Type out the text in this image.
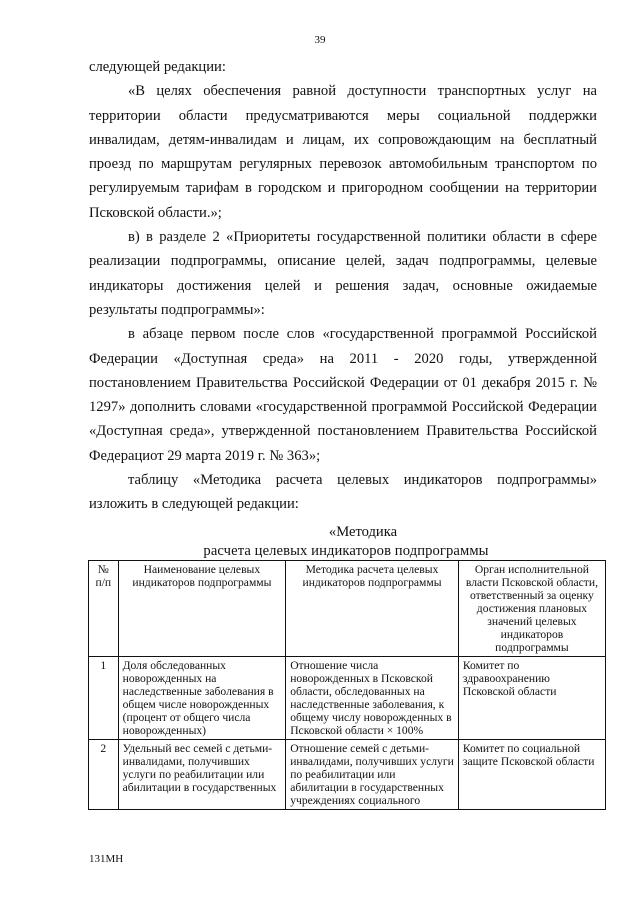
39

следующей редакции:

«В целях обеспечения равной доступности транспортных услуг на территории области предусматриваются меры социальной поддержки инвалидам, детям-инвалидам и лицам, их сопровождающим на бесплатный проезд по маршрутам регулярных перевозок автомобильным транспортом по регулируемым тарифам в городском и пригородном сообщении на территории Псковской области.»;

в) в разделе 2 «Приоритеты государственной политики области в сфере реализации подпрограммы, описание целей, задач подпрограммы, целевые индикаторы достижения целей и решения задач, основные ожидаемые результаты подпрограммы»:

в абзаце первом после слов «государственной программой Российской Федерации «Доступная среда» на 2011 - 2020 годы, утвержденной постановлением Правительства Российской Федерации от 01 декабря 2015 г. № 1297» дополнить словами «государственной программой Российской Федерации «Доступная среда», утвержденной постановлением Правительства Российской Федерациот 29 марта 2019 г. № 363»;

таблицу «Методика расчета целевых индикаторов подпрограммы» изложить в следующей редакции:

«Методика
расчета целевых индикаторов подпрограммы
№ п/п	Наименование целевых индикаторов подпрограммы	Методика расчета целевых индикаторов подпрограммы	Орган исполнительной власти Псковской области, ответственный за оценку достижения плановых значений целевых индикаторов подпрограммы
1	Доля обследованных новорожденных на наследственные заболевания в общем числе новорожденных (процент от общего числа новорожденных)	Отношение числа новорожденных в Псковской области, обследованных на наследственные заболевания, к общему числу новорожденных в Псковской области × 100%	Комитет по здравоохранению Псковской области
2	Удельный вес семей с детьми-инвалидами, получивших услуги по реабилитации или абилитации в государственных	Отношение семей с детьми-инвалидами, получивших услуги по реабилитации или абилитации в государственных учреждениях социального	Комитет по социальной защите Псковской области
131МН
